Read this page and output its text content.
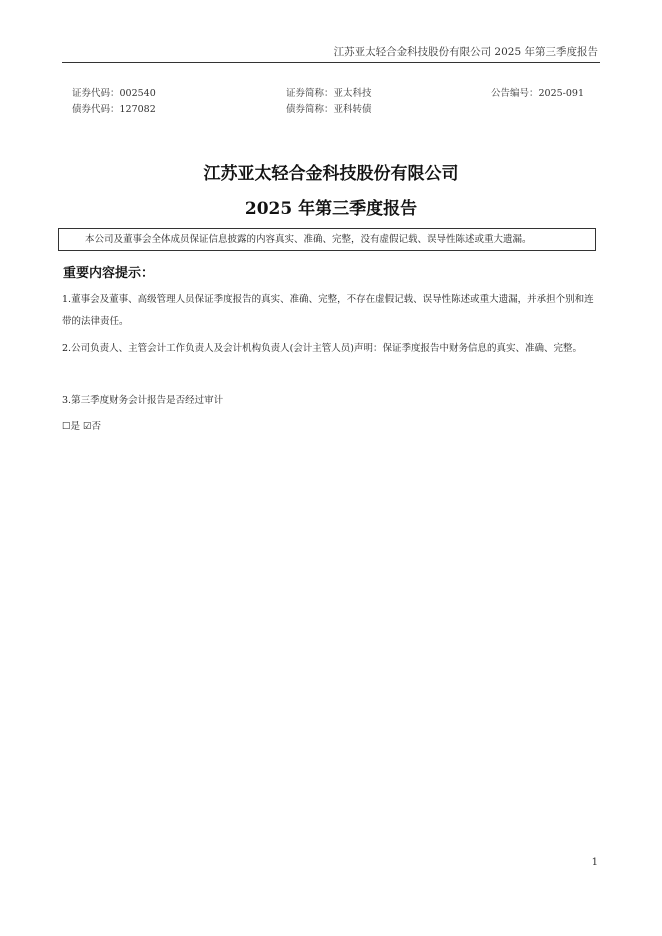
江苏亚太轻合金科技股份有限公司 2025 年第三季度报告
证券代码：002540	证券简称：亚太科技	公告编号：2025-091
债券代码：127082	债券简称：亚科转债
江苏亚太轻合金科技股份有限公司
2025 年第三季度报告
本公司及董事会全体成员保证信息披露的内容真实、准确、完整，没有虚假记载、误导性陈述或重大遗漏。
重要内容提示：
1.董事会及董事、高级管理人员保证季度报告的真实、准确、完整，不存在虚假记载、误导性陈述或重大遗漏，并承担个别和连带的法律责任。
2.公司负责人、主管会计工作负责人及会计机构负责人(会计主管人员)声明：保证季度报告中财务信息的真实、准确、完整。
3.第三季度财务会计报告是否经过审计
☐是 ☑否
1
